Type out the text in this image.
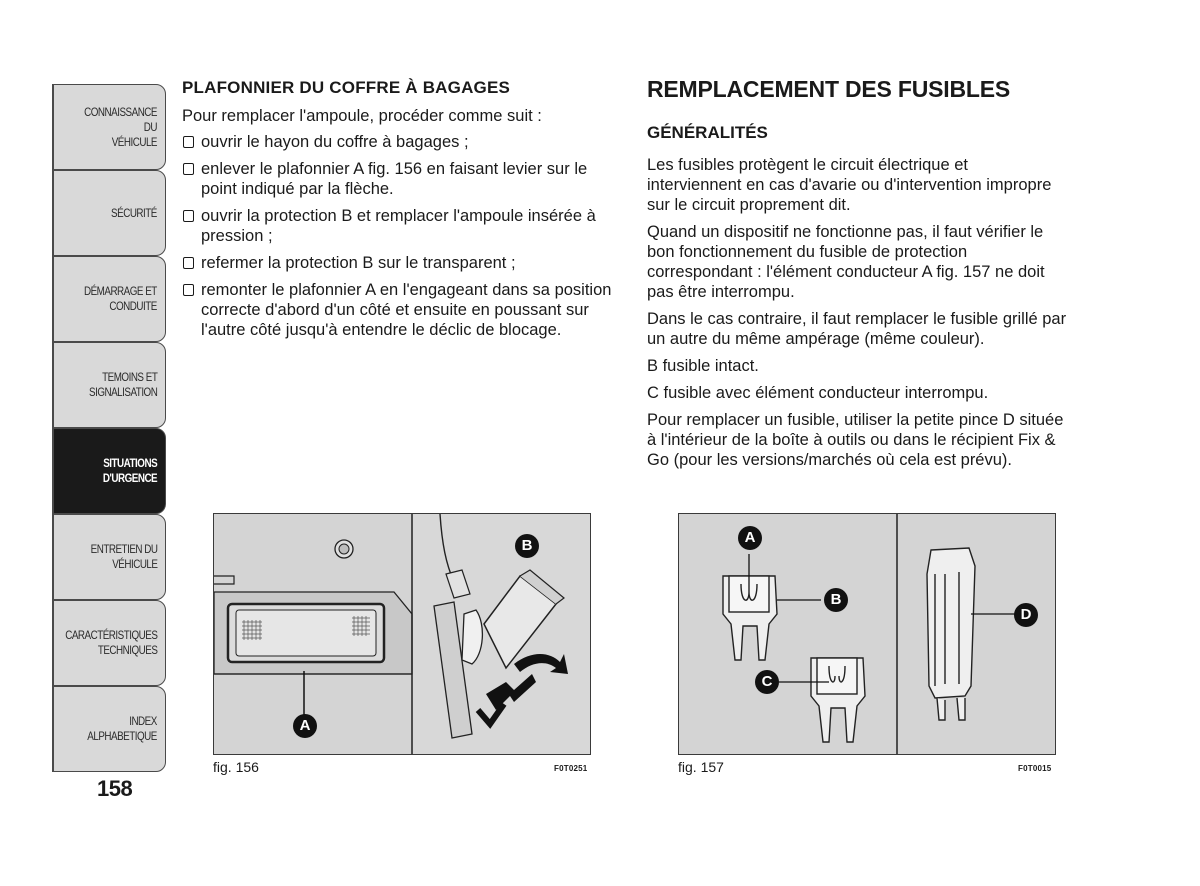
CONNAISSANCE DU
VÉHICULE
SÉCURITÉ
DÉMARRAGE ET
CONDUITE
TEMOINS ET
SIGNALISATION
SITUATIONS
D'URGENCE
ENTRETIEN DU
VÉHICULE
CARACTÉRISTIQUES
TECHNIQUES
INDEX
ALPHABETIQUE
158
PLAFONNIER DU COFFRE À BAGAGES
Pour remplacer l'ampoule, procéder comme suit :
ouvrir le hayon du coffre à bagages ;
enlever le plafonnier A fig. 156 en faisant levier sur le point indiqué par la flèche.
ouvrir la protection B et remplacer l'ampoule insérée à pression ;
refermer la protection B sur le transparent ;
remonter le plafonnier A en l'engageant dans sa position correcte d'abord d'un côté et ensuite en poussant sur l'autre côté jusqu'à entendre le déclic de blocage.
REMPLACEMENT DES FUSIBLES
GÉNÉRALITÉS

Les fusibles protègent le circuit électrique et interviennent en cas d'avarie ou d'intervention impropre sur le circuit proprement dit.

Quand un dispositif ne fonctionne pas, il faut vérifier le bon fonctionnement du fusible de protection correspondant : l'élément conducteur A fig. 157 ne doit pas être interrompu.

Dans le cas contraire, il faut remplacer le fusible grillé par un autre du même ampérage (même couleur).

B fusible intact.

C fusible avec élément conducteur interrompu.

Pour remplacer un fusible, utiliser la petite pince D située à l'intérieur de la boîte à outils ou dans le récipient Fix & Go (pour les versions/marchés où cela est prévu).

A
B
fig. 156	F0T0251
A
B
C
D
fig. 157	F0T0015
